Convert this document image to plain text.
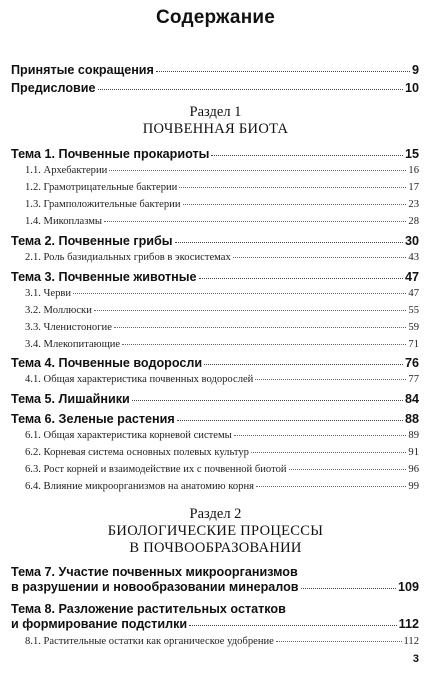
Содержание
Принятые сокращения	9
Предисловие	10
Раздел 1
ПОЧВЕННАЯ БИОТА
Тема 1. Почвенные прокариоты	15
1.1. Архебактерии	16
1.2. Грамотрицательные бактерии	17
1.3. Грамположительные бактерии	23
1.4. Микоплазмы	28
Тема 2. Почвенные грибы	30
2.1. Роль базидиальных грибов в экосистемах	43
Тема 3. Почвенные животные	47
3.1. Черви	47
3.2. Моллюски	55
3.3. Членистоногие	59
3.4. Млекопитающие	71
Тема 4. Почвенные водоросли	76
4.1. Общая характеристика почвенных водорослей	77
Тема 5. Лишайники	84
Тема 6. Зеленые растения	88
6.1. Общая характеристика корневой системы	89
6.2. Корневая система основных полевых культур	91
6.3. Рост корней и взаимодействие их с почвенной биотой	96
6.4. Влияние микроорганизмов на анатомию корня	99
Раздел 2
БИОЛОГИЧЕСКИЕ ПРОЦЕССЫ
В ПОЧВООБРАЗОВАНИИ
Тема 7. Участие почвенных микроорганизмов
в разрушении и новообразовании минералов	109
Тема 8. Разложение растительных остатков
и формирование подстилки	112
8.1. Растительные остатки как органическое удобрение	112
3
